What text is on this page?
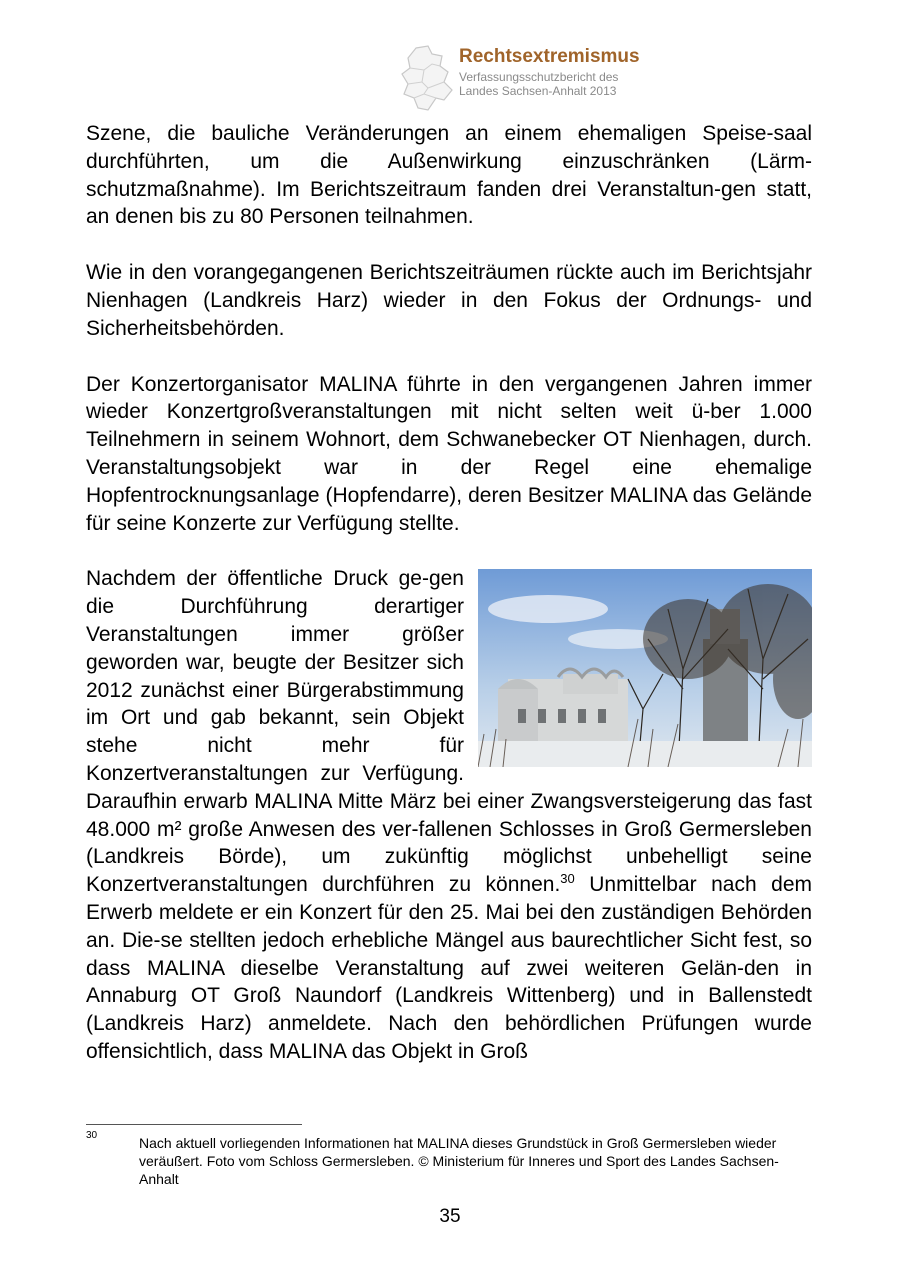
Rechtsextremismus
Verfassungsschutzbericht des
Landes Sachsen-Anhalt 2013

Szene, die bauliche Veränderungen an einem ehemaligen Speise-saal durchführten, um die Außenwirkung einzuschränken (Lärm-schutzmaßnahme). Im Berichtszeitraum fanden drei Veranstaltun-gen statt, an denen bis zu 80 Personen teilnahmen.

Wie in den vorangegangenen Berichtszeiträumen rückte auch im Berichtsjahr Nienhagen (Landkreis Harz) wieder in den Fokus der Ordnungs- und Sicherheitsbehörden.

Der Konzertorganisator MALINA führte in den vergangenen Jahren immer wieder Konzertgroßveranstaltungen mit nicht selten weit ü-ber 1.000 Teilnehmern in seinem Wohnort, dem Schwanebecker OT Nienhagen, durch. Veranstaltungsobjekt war in der Regel eine ehemalige Hopfentrocknungsanlage (Hopfendarre), deren Besitzer MALINA das Gelände für seine Konzerte zur Verfügung stellte.

Nachdem der öffentliche Druck ge-gen die Durchführung derartiger Veranstaltungen immer größer geworden war, beugte der Besitzer sich 2012 zunächst einer Bürgerabstimmung im Ort und gab bekannt, sein Objekt stehe nicht mehr für Konzertveranstaltungen zur Verfügung. Daraufhin erwarb MALINA Mitte März bei einer Zwangsversteigerung das fast 48.000 m² große Anwesen des ver-fallenen Schlosses in Groß Germersleben (Landkreis Börde), um zukünftig möglichst unbehelligt seine Konzertveranstaltungen durchführen zu können.$^{30}$ Unmittelbar nach dem Erwerb meldete er ein Konzert für den 25. Mai bei den zuständigen Behörden an. Die-se stellten jedoch erhebliche Mängel aus baurechtlicher Sicht fest, so dass MALINA dieselbe Veranstaltung auf zwei weiteren Gelän-den in Annaburg OT Groß Naundorf (Landkreis Wittenberg) und in Ballenstedt (Landkreis Harz) anmeldete. Nach den behördlichen Prüfungen wurde offensichtlich, dass MALINA das Objekt in Groß

30	Nach aktuell vorliegenden Informationen hat MALINA dieses Grundstück in Groß Germersleben wieder veräußert. Foto vom Schloss Germersleben. © Ministerium für Inneres und Sport des Landes Sachsen-Anhalt
35
